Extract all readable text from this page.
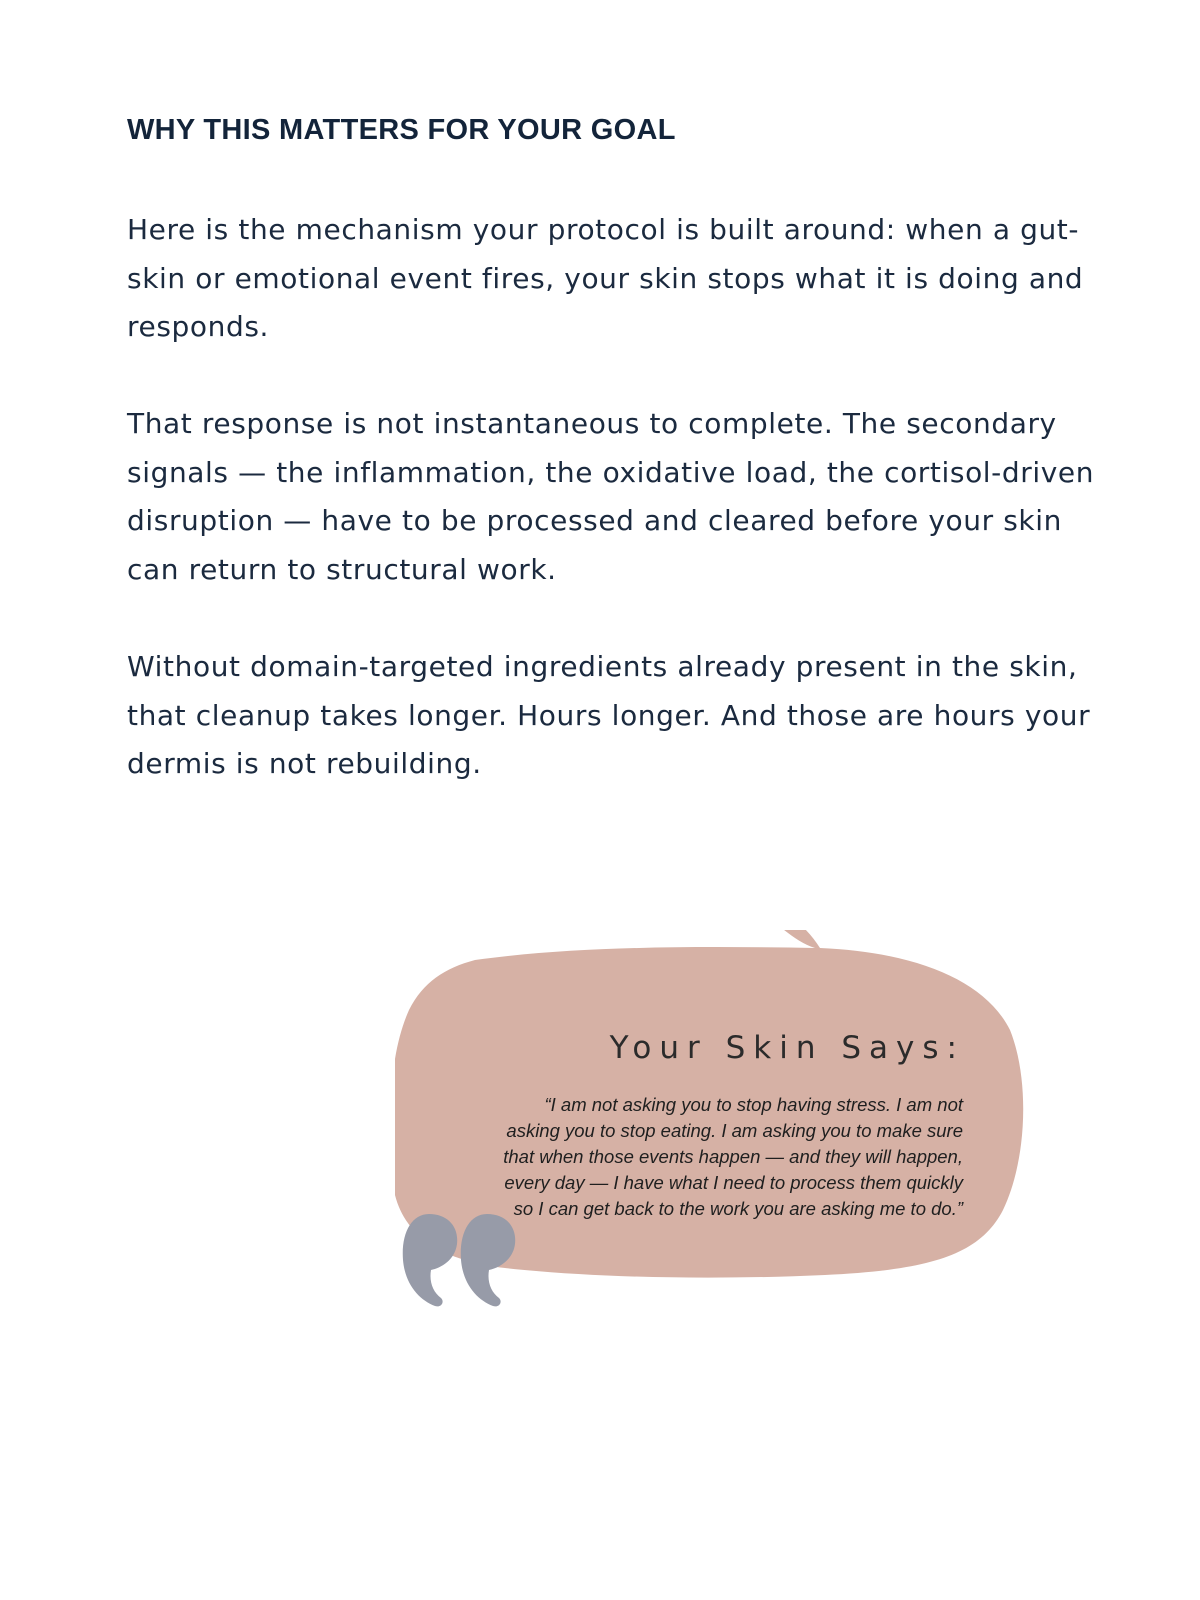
WHY THIS MATTERS FOR YOUR GOAL

Here is the mechanism your protocol is built around: when a gut-skin or emotional event fires, your skin stops what it is doing and responds.

That response is not instantaneous to complete. The secondary signals — the inflammation, the oxidative load, the cortisol-driven disruption — have to be processed and cleared before your skin can return to structural work.

Without domain-targeted ingredients already present in the skin, that cleanup takes longer. Hours longer. And those are hours your dermis is not rebuilding.

Your Skin Says:

“I am not asking you to stop having stress. I am not asking you to stop eating. I am asking you to make sure that when those events happen — and they will happen, every day — I have what I need to process them quickly so I can get back to the work you are asking me to do.”
